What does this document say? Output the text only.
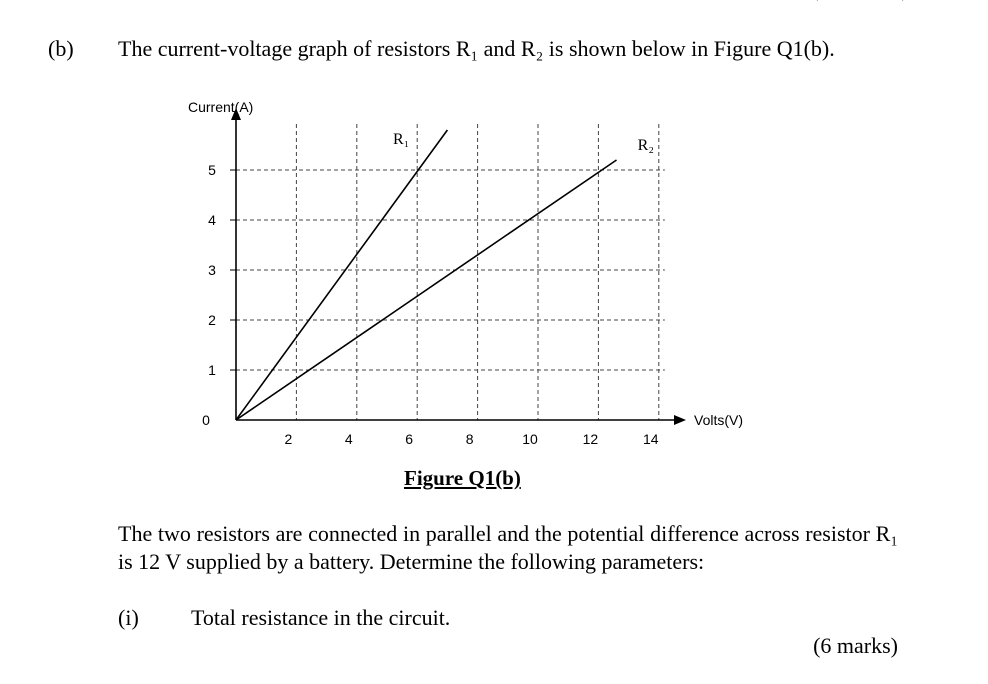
(b) The current-voltage graph of resistors R₁ and R₂ is shown below in Figure Q1(b).
2	4	6	8	10	12	14
0
1
2
3
4
5
Current(A)
Volts(V)
R₁	R₂
Figure Q1(b)
The two resistors are connected in parallel and the potential difference across resistor R₁ is 12 V supplied by a battery. Determine the following parameters:
(i) Total resistance in the circuit.
(6 marks)
